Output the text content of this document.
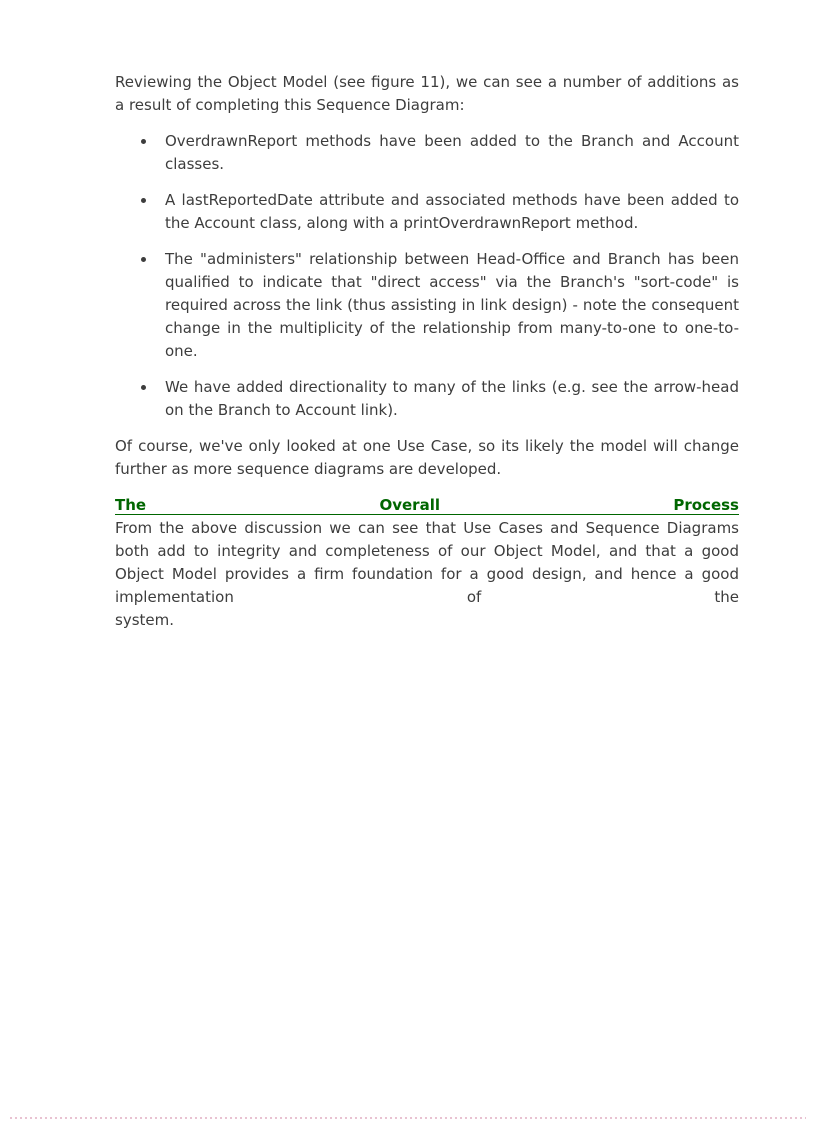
Reviewing the Object Model (see figure 11), we can see a number of additions as a result of completing this Sequence Diagram:

OverdrawnReport methods have been added to the Branch and Account classes.
A lastReportedDate attribute and associated methods have been added to the Account class, along with a printOverdrawnReport method.
The "administers" relationship between Head-Office and Branch has been qualified to indicate that "direct access" via the Branch's "sort-code" is required across the link (thus assisting in link design) - note the consequent change in the multiplicity of the relationship from many-to-one to one-to-one.
We have added directionality to many of the links (e.g. see the arrow-head on the Branch to Account link).

Of course, we've only looked at one Use Case, so its likely the model will change further as more sequence diagrams are developed.

The	Overall	Process
From the above discussion we can see that Use Cases and Sequence Diagrams both add to integrity and completeness of our Object Model, and that a good Object Model provides a firm foundation for a good design, and hence a good
implementation	of	the
system.
